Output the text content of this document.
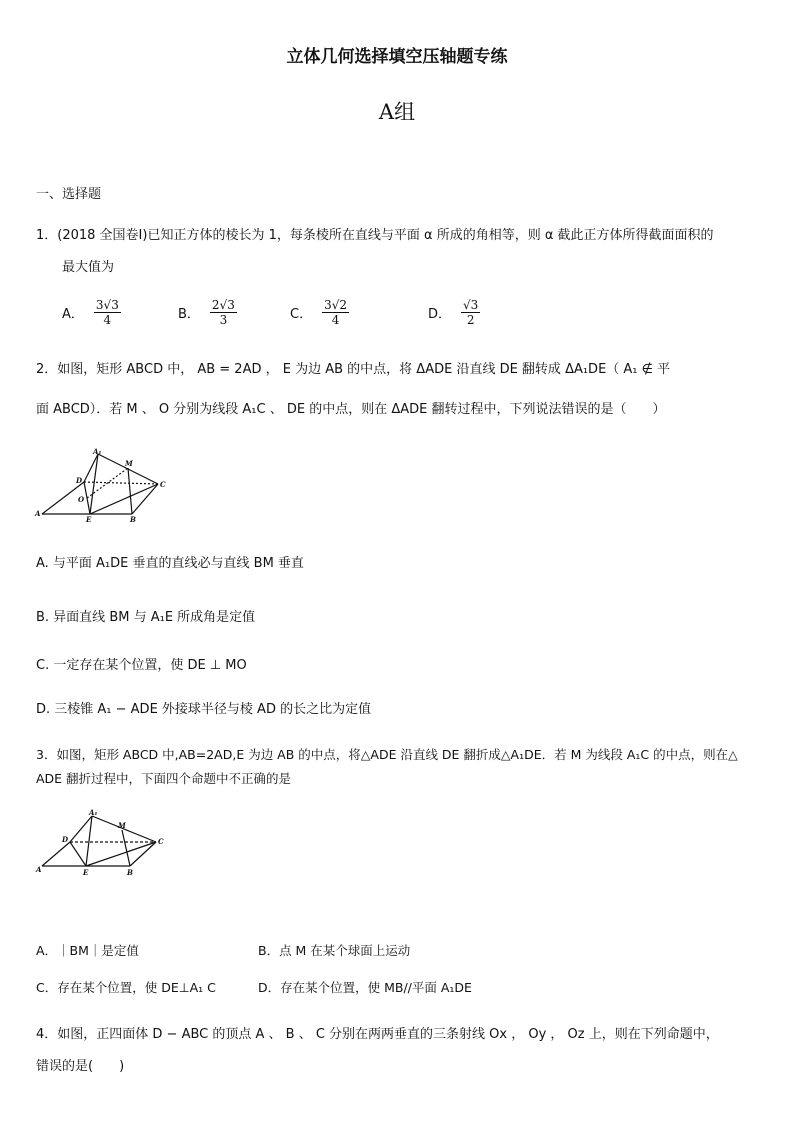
立体几何选择填空压轴题专练
A组
一、选择题
1．(2018 全国卷Ⅰ)已知正方体的棱长为 1，每条棱所在直线与平面 α 所成的角相等，则 α 截此正方体所得截面面积的
最大值为
A． $\frac{3√3}{4}$	B． $\frac{2√3}{3}$	C． $\frac{3√2}{4}$	D． $\frac{√3}{2}$
2．如图，矩形 ABCD 中， AB = 2AD ， E 为边 AB 的中点，将 ΔADE 沿直线 DE 翻转成 ΔA₁DE（ A₁ ∉ 平
面 ABCD）．若 M 、 O 分别为线段 A₁C 、 DE 的中点，则在 ΔADE 翻转过程中，下列说法错误的是（　　）
A₁
M
D	C
O
A
E	B
A. 与平面 A₁DE 垂直的直线必与直线 BM 垂直
B. 异面直线 BM 与 A₁E 所成角是定值
C. 一定存在某个位置，使 DE ⊥ MO
D. 三棱锥 A₁ − ADE 外接球半径与棱 AD 的长之比为定值
3．如图，矩形 ABCD 中,AB=2AD,E 为边 AB 的中点，将△ADE 沿直线 DE 翻折成△A₁DE．若 M 为线段 A₁C 的中点，则在△
ADE 翻折过程中，下面四个命题中不正确的是
A₁
M
D	C
A	E	B
A．｜BM｜是定值	B．点 M 在某个球面上运动
C．存在某个位置，使 DE⊥A₁ C	D．存在某个位置，使 MB//平面 A₁DE
4．如图，正四面体 D − ABC 的顶点 A 、 B 、 C 分别在两两垂直的三条射线 Ox ， Oy ， Oz 上，则在下列命题中，
错误的是(　　)
